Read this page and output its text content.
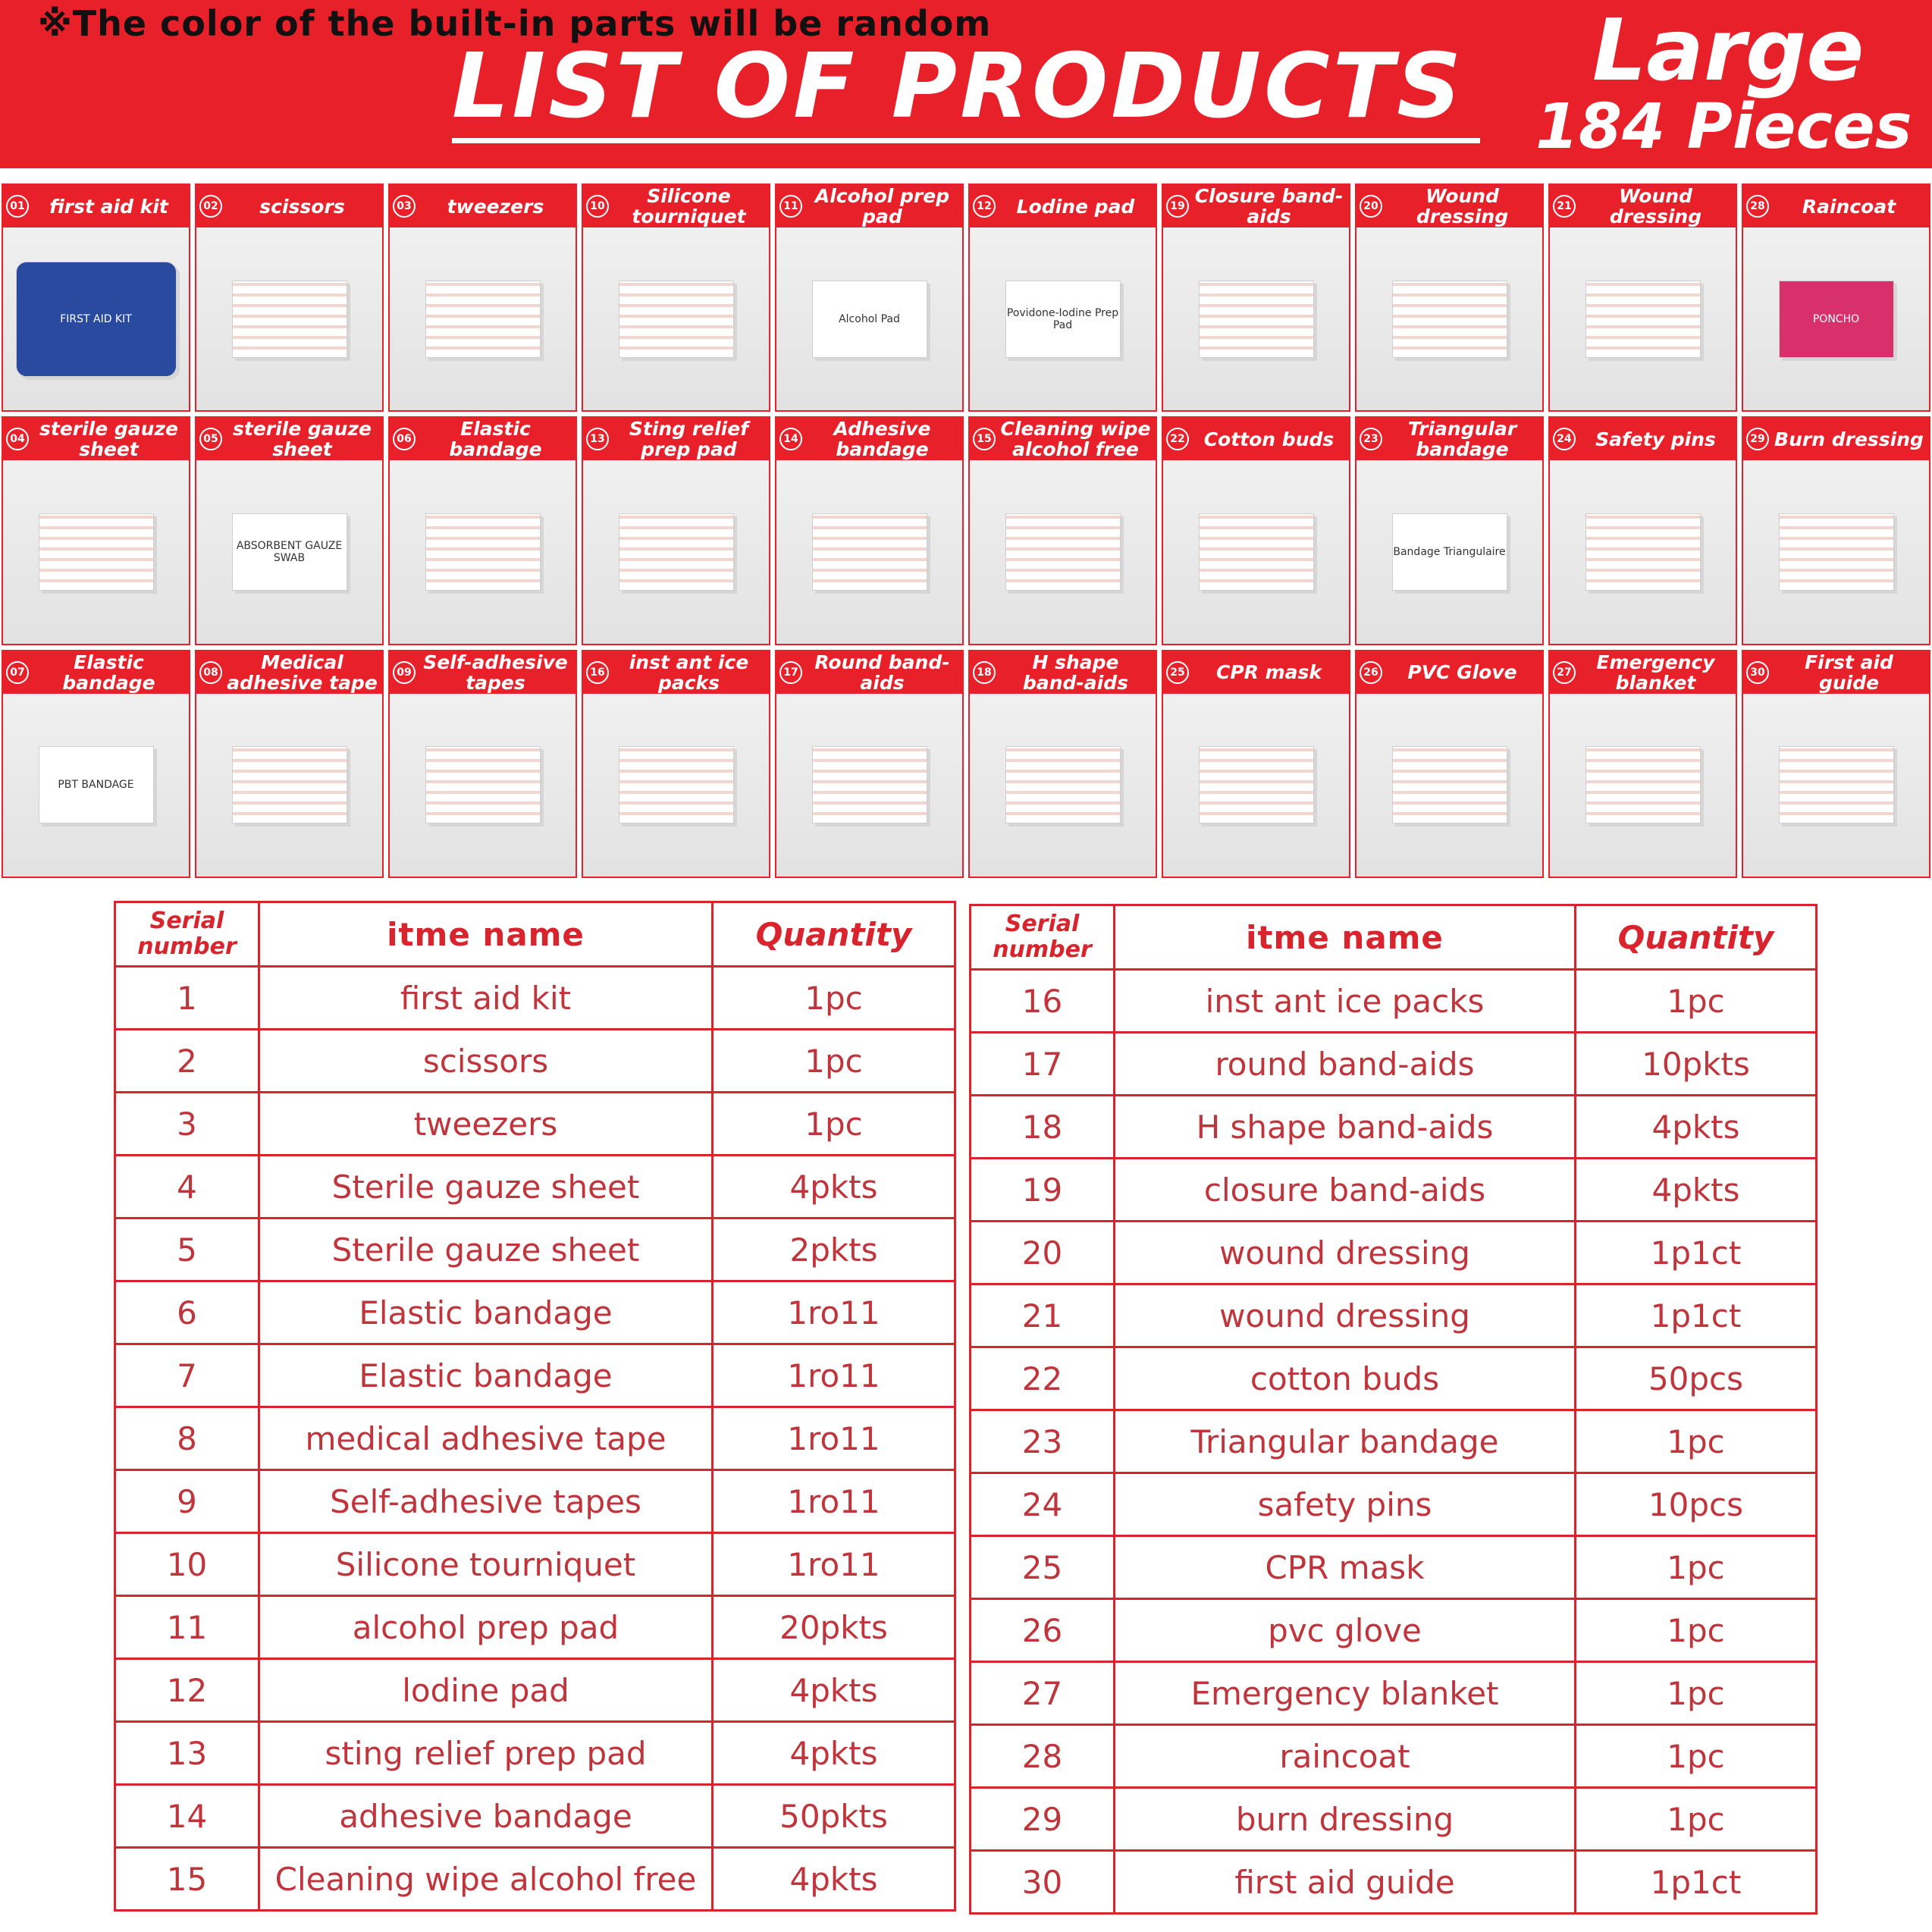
※The color of the built-in parts will be random
LIST OF PRODUCTS Large
184 Pieces
01	first aid kit
FIRST AID KIT
02	scissors	03	tweezers	10	Silicone tourniquet	11 Alcohol prep pad
Alcohol Pad
12	Lodine pad
Povidone-Iodine Prep Pad
19 Closure band-aids	20	Wound dressing	21	Wound dressing	28	Raincoat
PONCHO
04 sterile gauze sheet	05 sterile gauze sheet
ABSORBENT GAUZE SWAB
06	Elastic bandage	13	Sting relief prep pad	14	Adhesive bandage	15 Cleaning wipe alcohol free	22 Cotton buds	23	Triangular bandage
Bandage Triangulaire
24	Safety pins	29 Burn dressing
07	Elastic bandage
PBT BANDAGE
08	Medical adhesive tape	09 Self-adhesive tapes	16	inst ant ice packs	17 Round band-aids	18	H shape band-aids	25	CPR mask	26	PVC Glove	27	Emergency blanket	30	First aid guide
Serial number	itme name	Quantity
1	first aid kit	1pc
2	scissors	1pc
3	tweezers	1pc
4	Sterile gauze sheet	4pkts
5	Sterile gauze sheet	2pkts
6	Elastic bandage	1ro11
7	Elastic bandage	1ro11
8	medical adhesive tape	1ro11
9	Self-adhesive tapes	1ro11
10	Silicone tourniquet	1ro11
11	alcohol prep pad	20pkts
12	lodine pad	4pkts
13	sting relief prep pad	4pkts
14	adhesive bandage	50pkts
15	Cleaning wipe alcohol free	4pkts
Serial number	itme name	Quantity
16	inst ant ice packs	1pc
17	round band-aids	10pkts
18	H shape band-aids	4pkts
19	closure band-aids	4pkts
20	wound dressing	1p1ct
21	wound dressing	1p1ct
22	cotton buds	50pcs
23	Triangular bandage	1pc
24	safety pins	10pcs
25	CPR mask	1pc
26	pvc glove	1pc
27	Emergency blanket	1pc
28	raincoat	1pc
29	burn dressing	1pc
30	first aid guide	1p1ct
